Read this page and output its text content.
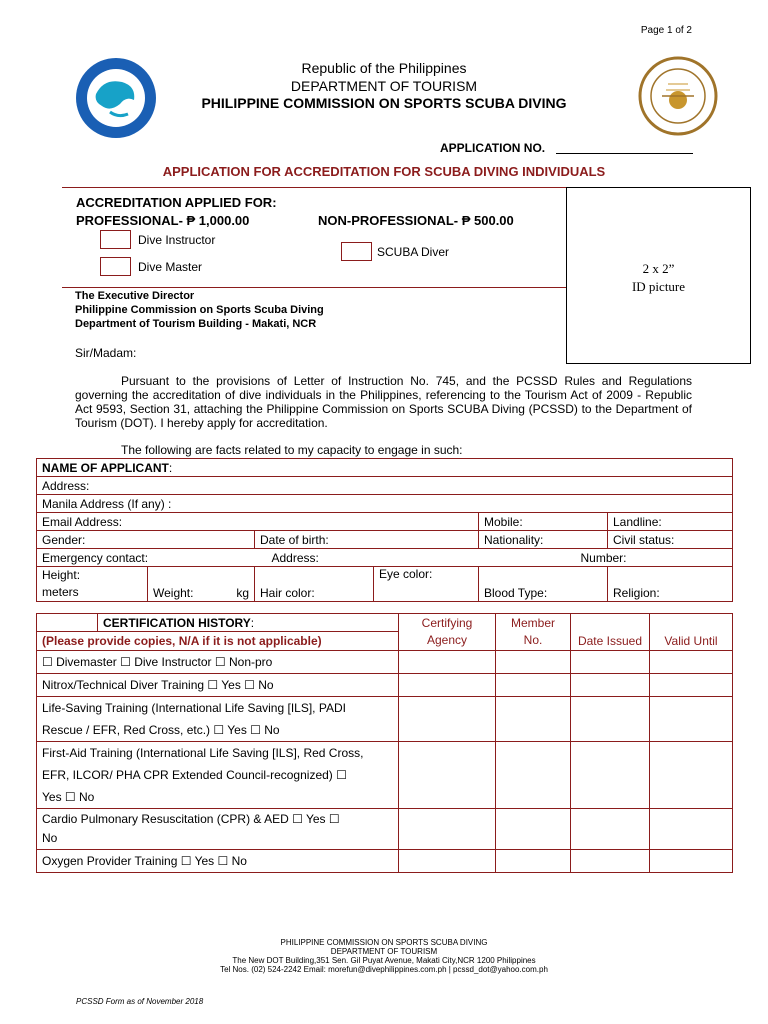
Page 1 of 2
Republic of the Philippines
DEPARTMENT OF TOURISM
PHILIPPINE COMMISSION ON SPORTS SCUBA DIVING
APPLICATION NO.
APPLICATION FOR ACCREDITATION FOR SCUBA DIVING INDIVIDUALS
ACCREDITATION APPLIED FOR:
PROFESSIONAL- ₱ 1,000.00	NON-PROFESSIONAL- ₱ 500.00
Dive Instructor
Dive Master
SCUBA Diver
2 x 2”
ID picture
The Executive Director
Philippine Commission on Sports Scuba Diving
Department of Tourism Building - Makati, NCR
Sir/Madam:

Pursuant to the provisions of Letter of Instruction No. 745, and the PCSSD Rules and Regulations governing the accreditation of dive individuals in the Philippines, referencing to the Tourism Act of 2009 - Republic Act 9593, Section 31, attaching the Philippine Commission on Sports SCUBA Diving (PCSSD) to the Department of Tourism (DOT). I hereby apply for accreditation.

The following are facts related to my capacity to engage in such:
NAME OF APPLICANT:					
Address:					
Manila Address (If any) :					
Email Address:				Mobile:	Landline:
Gender:		Date of birth:		Nationality:	Civil status:
Emergency contact: Address: Number:					

Height:
meters	Weight: kg	Hair color:	Eye color:	Blood Type:	Religion:
	CERTIFICATION HISTORY:	Certifying Agency	Member No.	Date Issued	Valid Until
(Please provide copies, N/A if it is not applicable)					
☐ Divemaster ☐ Dive Instructor ☐ Non-pro					
Nitrox/Technical Diver Training ☐ Yes ☐ No					
Life-Saving Training (International Life Saving [ILS], PADI
Rescue / EFR, Red Cross, etc.) ☐ Yes ☐ No					
First-Aid Training (International Life Saving [ILS], Red Cross,
EFR, ILCOR/ PHA CPR Extended Council-recognized) ☐
Yes ☐ No					
Cardio Pulmonary Resuscitation (CPR) & AED ☐ Yes ☐
No					
Oxygen Provider Training ☐ Yes ☐ No					
PHILIPPINE COMMISSION ON SPORTS SCUBA DIVING
DEPARTMENT OF TOURISM
The New DOT Building,351 Sen. Gil Puyat Avenue, Makati City,NCR 1200 Philippines
Tel Nos. (02) 524-2242 Email: morefun@divephilippines.com.ph | pcssd_dot@yahoo.com.ph
PCSSD Form as of November 2018
